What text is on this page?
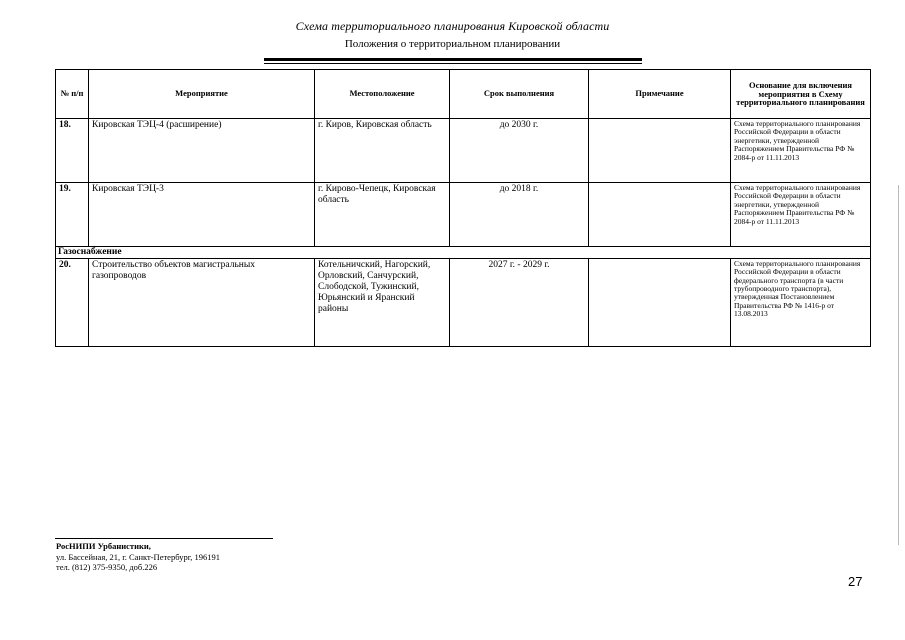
Схема территориального планирования Кировской области
Положения о территориальном планировании
№ п/п	Мероприятие	Местоположение	Срок выполнения	Примечание	Основание для включения мероприятия в Схему территориального планирования
18.	Кировская ТЭЦ-4 (расширение)	г. Киров, Кировская область	до 2030 г.		Схема территориального планирования Российской Федерации в области энергетики, утвержденной Распоряжением Правительства РФ № 2084-р от 11.11.2013
19.	Кировская ТЭЦ-3	г. Кирово-Чепецк, Кировская область	до 2018 г.		Схема территориального планирования Российской Федерации в области энергетики, утвержденной Распоряжением Правительства РФ № 2084-р от 11.11.2013
Газоснабжение					
20.	Строительство объектов магистральных газопроводов	Котельничский, Нагорский, Орловский, Санчурский, Слободской, Тужинский, Юрьянский и Яранский районы	2027 г. - 2029 г.		Схема территориального планирования Российской Федерации в области федерального транспорта (в части трубопроводного транспорта), утвержденная Постановлением Правительства РФ № 1416-р от 13.08.2013
РосНИПИ Урбанистики,
ул. Бассейная, 21, г. Санкт-Петербург, 196191
тел. (812) 375-9350, доб.226
27
